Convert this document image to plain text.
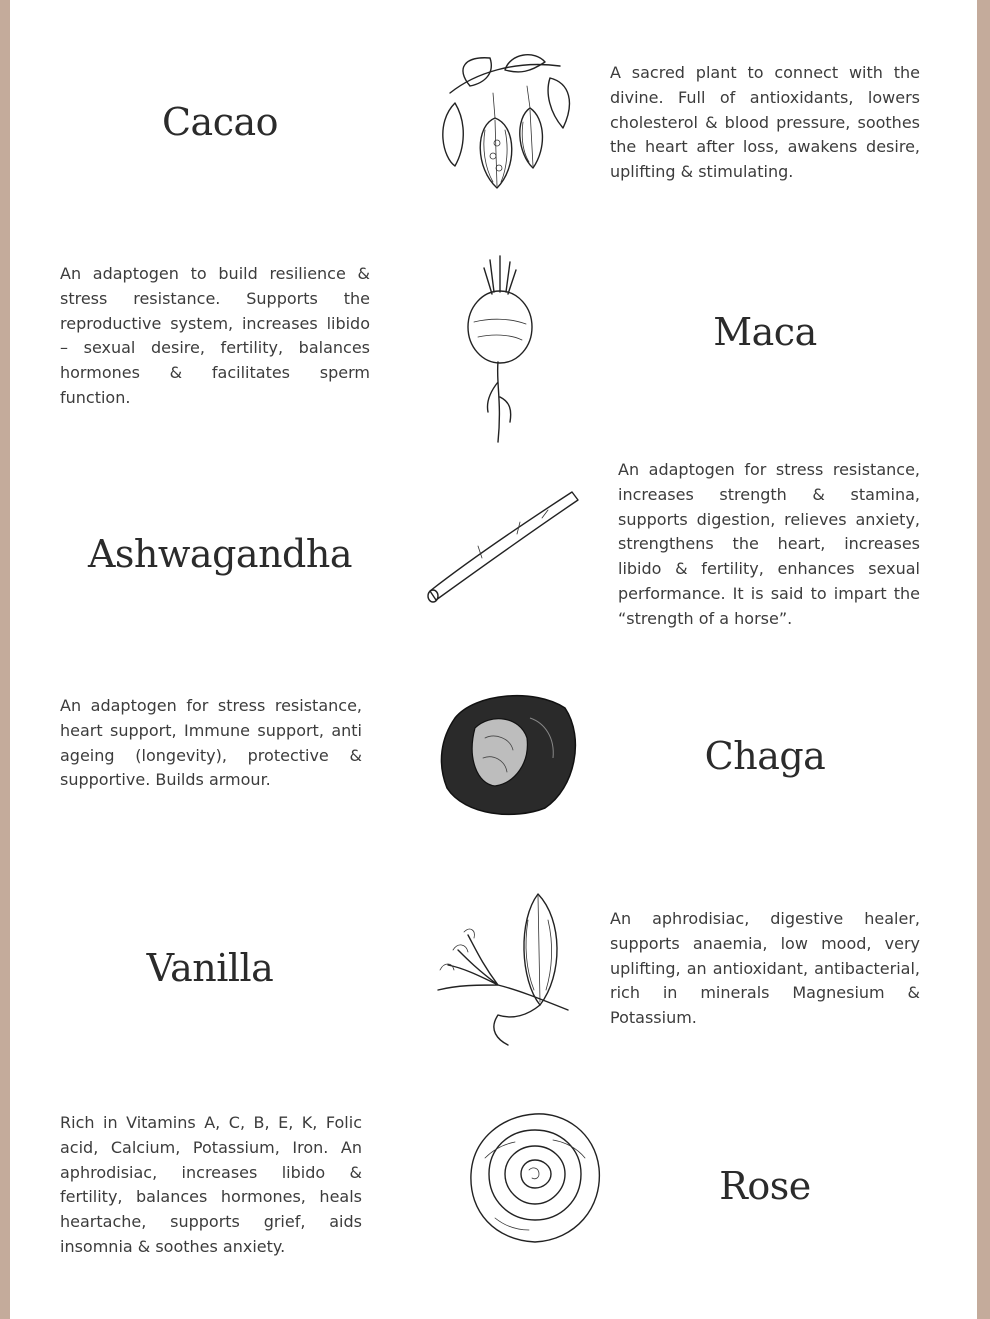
Cacao

A sacred plant to connect with the divine. Full of antioxidants, lowers cholesterol & blood pressure, soothes the heart after loss, awakens desire, uplifting & stimulating.

An adaptogen to build resilience & stress resistance. Supports the reproductive system, increases libido – sexual desire, fertility, balances hormones & facilitates sperm function.

Maca
Ashwagandha

An adaptogen for stress resistance, increases strength & stamina, supports digestion, relieves anxiety, strengthens the heart, increases libido & fertility, enhances sexual performance. It is said to impart the “strength of a horse”.

An adaptogen for stress resistance, heart support, Immune support, anti ageing (longevity), protective & supportive. Builds armour.

Chaga
Vanilla

An aphrodisiac, digestive healer, supports anaemia, low mood, very uplifting, an antioxidant, antibacterial, rich in minerals Magnesium & Potassium.

Rich in Vitamins A, C, B, E, K, Folic acid, Calcium, Potassium, Iron. An aphrodisiac, increases libido & fertility, balances hormones, heals heartache, supports grief, aids insomnia & soothes anxiety.

Rose
